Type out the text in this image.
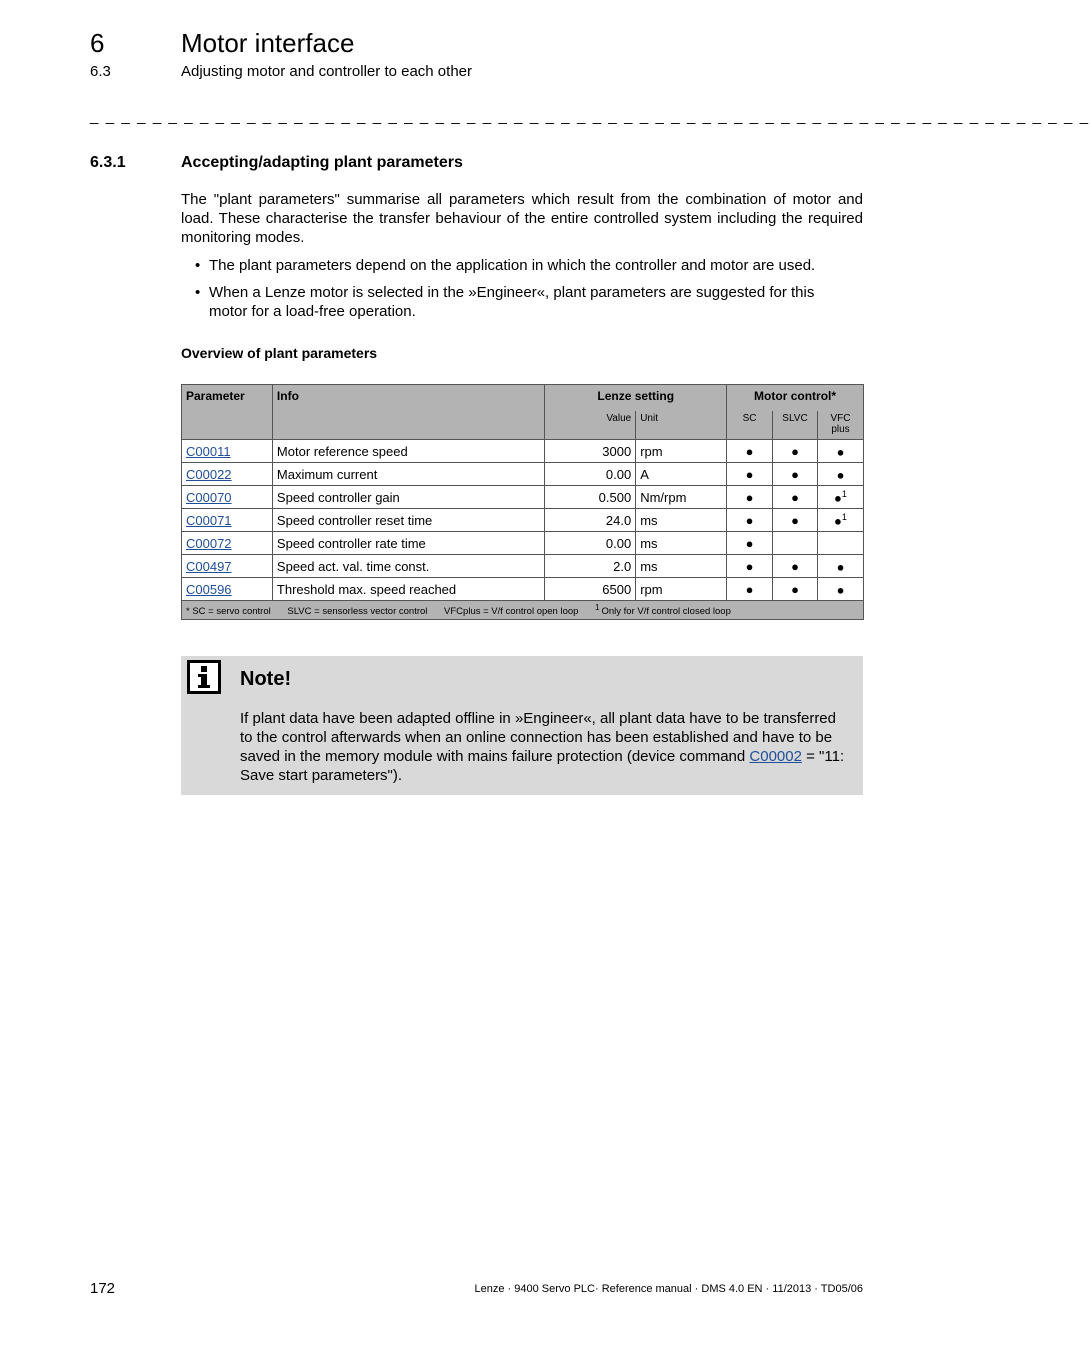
6	Motor interface
6.3	Adjusting motor and controller to each other
_ _ _ _ _ _ _ _ _ _ _ _ _ _ _ _ _ _ _ _ _ _ _ _ _ _ _ _ _ _ _ _ _ _ _ _ _ _ _ _ _ _ _ _ _ _ _ _ _ _ _ _ _ _ _ _ _ _ _ _ _ _ _ _
6.3.1	Accepting/adapting plant parameters
The "plant parameters" summarise all parameters which result from the combination of motor and load. These characterise the transfer behaviour of the entire controlled system including the required monitoring modes.
• The plant parameters depend on the application in which the controller and motor are used.
• When a Lenze motor is selected in the »Engineer«, plant parameters are suggested for this motor for a load-free operation.
Overview of plant parameters
Parameter	Info	Lenze setting		Motor control*		
		Value	Unit	SC	SLVC	VFC
plus
C00011	Motor reference speed	3000	rpm	●	●	●
C00022	Maximum current	0.00	A	●	●	●
C00070	Speed controller gain	0.500	Nm/rpm	●	●	●$^1$
C00071	Speed controller reset time	24.0	ms	●	●	●$^1$
C00072	Speed controller rate time	0.00	ms	●		
C00497	Speed act. val. time const.	2.0	ms	●	●	●
C00596	Threshold max. speed reached	6500	rpm	●	●	●
* SC = servo control SLVC = sensorless vector control VFCplus = V/f control open loop $^1$ Only for V/f control closed loop						
Note!
If plant data have been adapted offline in »Engineer«, all plant data have to be transferred to the control afterwards when an online connection has been established and have to be saved in the memory module with mains failure protection (device command C00002 = "11: Save start parameters").
172	Lenze · 9400 Servo PLC· Reference manual · DMS 4.0 EN · 11/2013 · TD05/06
